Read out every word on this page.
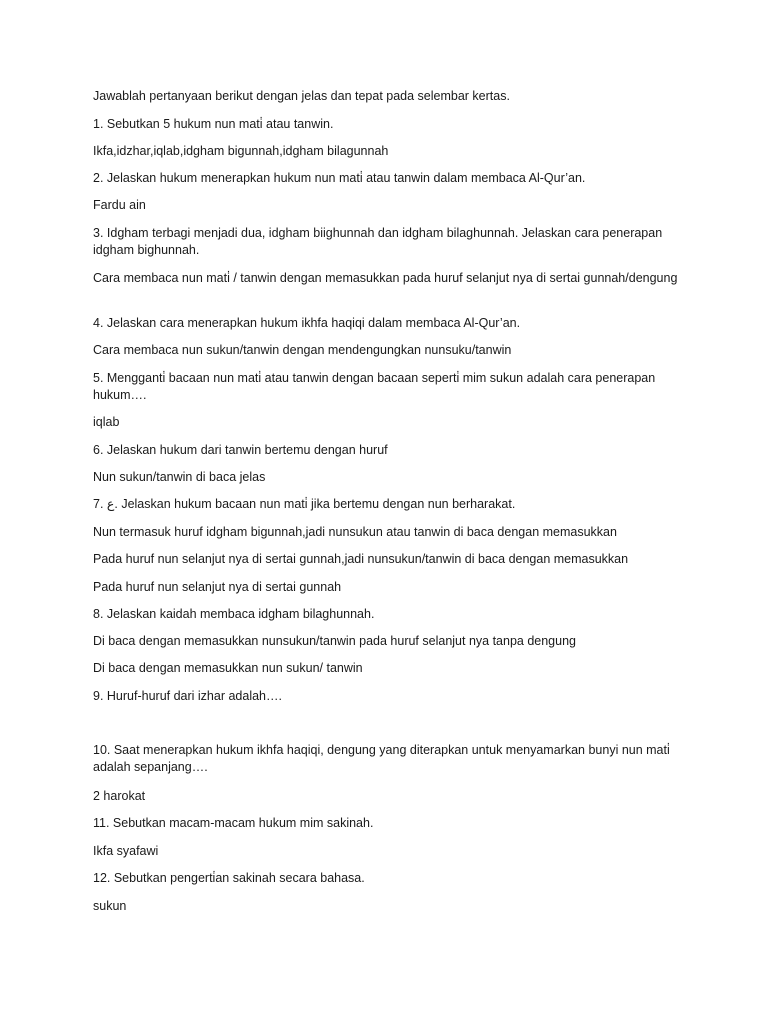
Jawablah pertanyaan berikut dengan jelas dan tepat pada selembar kertas.

1. Sebutkan 5 hukum nun mati̇ atau tanwin.

Ikfa,idzhar,iqlab,idgham bigunnah,idgham bilagunnah

2. Jelaskan hukum menerapkan hukum nun mati̇ atau tanwin dalam membaca Al-Qur’an.

Fardu ain

3. Idgham terbagi menjadi dua, idgham biighunnah dan idgham bilaghunnah. Jelaskan cara penerapan idgham bighunnah.

Cara membaca nun mati̇ / tanwin dengan memasukkan pada huruf selanjut nya di sertai gunnah/dengung

4. Jelaskan cara menerapkan hukum ikhfa haqiqi dalam membaca Al-Qur’an.

Cara membaca nun sukun/tanwin dengan mendengungkan nunsuku/tanwin

5. Mengganti̇ bacaan nun mati̇ atau tanwin dengan bacaan seperti̇ mim sukun adalah cara penerapan hukum….

iqlab

6. Jelaskan hukum dari tanwin bertemu dengan huruf

Nun sukun/tanwin di baca jelas

7. ع. Jelaskan hukum bacaan nun mati̇ jika bertemu dengan nun berharakat.

Nun termasuk huruf idgham bigunnah,jadi nunsukun atau tanwin di baca dengan memasukkan

Pada huruf nun selanjut nya di sertai gunnah,jadi nunsukun/tanwin di baca dengan memasukkan

Pada huruf nun selanjut nya di sertai gunnah

8. Jelaskan kaidah membaca idgham bilaghunnah.

Di baca dengan memasukkan nunsukun/tanwin pada huruf selanjut nya tanpa dengung

Di baca dengan memasukkan nun sukun/ tanwin

9. Huruf-huruf dari izhar adalah….

10. Saat menerapkan hukum ikhfa haqiqi, dengung yang diterapkan untuk menyamarkan bunyi nun mati̇ adalah sepanjang….

2 harokat

11. Sebutkan macam-macam hukum mim sakinah.

Ikfa syafawi

12. Sebutkan pengerti̇an sakinah secara bahasa.

sukun
